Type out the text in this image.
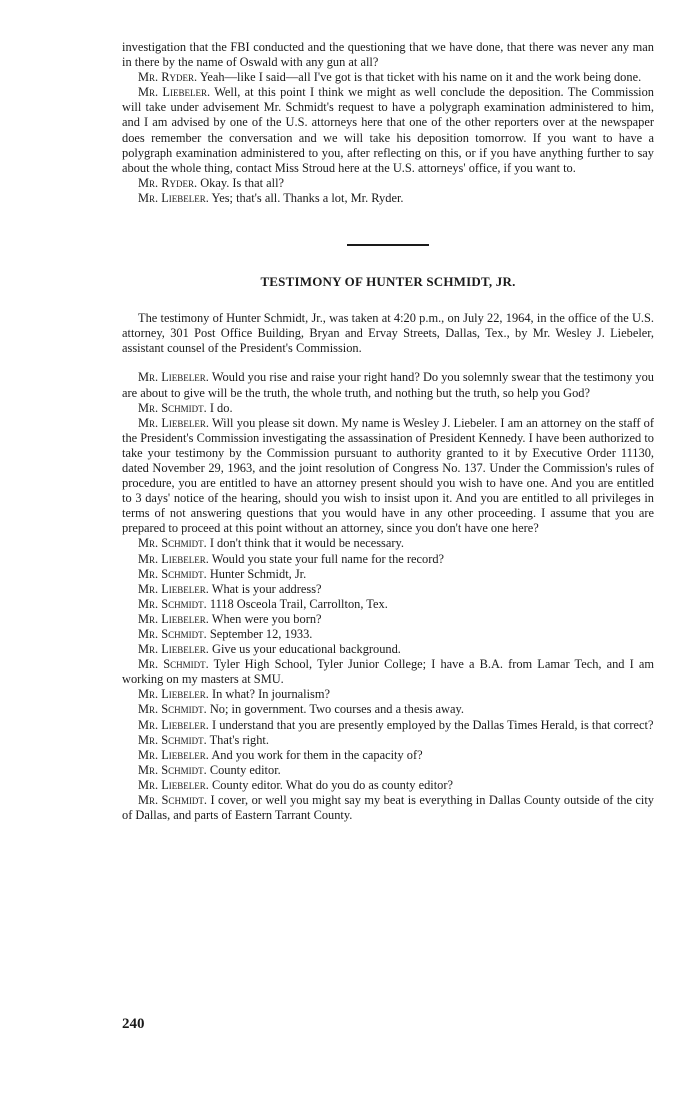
investigation that the FBI conducted and the questioning that we have done, that there was never any man in there by the name of Oswald with any gun at all?

Mr. Ryder. Yeah—like I said—all I've got is that ticket with his name on it and the work being done.

Mr. Liebeler. Well, at this point I think we might as well conclude the deposition. The Commission will take under advisement Mr. Schmidt's request to have a polygraph examination administered to him, and I am advised by one of the U.S. attorneys here that one of the other reporters over at the newspaper does remember the conversation and we will take his deposition tomorrow. If you want to have a polygraph examination administered to you, after reflecting on this, or if you have anything further to say about the whole thing, contact Miss Stroud here at the U.S. attorneys' office, if you want to.

Mr. Ryder. Okay. Is that all?

Mr. Liebeler. Yes; that's all. Thanks a lot, Mr. Ryder.

TESTIMONY OF HUNTER SCHMIDT, JR.

The testimony of Hunter Schmidt, Jr., was taken at 4:20 p.m., on July 22, 1964, in the office of the U.S. attorney, 301 Post Office Building, Bryan and Ervay Streets, Dallas, Tex., by Mr. Wesley J. Liebeler, assistant counsel of the President's Commission.

Mr. Liebeler. Would you rise and raise your right hand? Do you solemnly swear that the testimony you are about to give will be the truth, the whole truth, and nothing but the truth, so help you God?

Mr. Schmidt. I do.

Mr. Liebeler. Will you please sit down. My name is Wesley J. Liebeler. I am an attorney on the staff of the President's Commission investigating the assassination of President Kennedy. I have been authorized to take your testimony by the Commission pursuant to authority granted to it by Executive Order 11130, dated November 29, 1963, and the joint resolution of Congress No. 137. Under the Commission's rules of procedure, you are entitled to have an attorney present should you wish to have one. And you are entitled to 3 days' notice of the hearing, should you wish to insist upon it. And you are entitled to all privileges in terms of not answering questions that you would have in any other proceeding. I assume that you are prepared to proceed at this point without an attorney, since you don't have one here?

Mr. Schmidt. I don't think that it would be necessary.

Mr. Liebeler. Would you state your full name for the record?

Mr. Schmidt. Hunter Schmidt, Jr.

Mr. Liebeler. What is your address?

Mr. Schmidt. 1118 Osceola Trail, Carrollton, Tex.

Mr. Liebeler. When were you born?

Mr. Schmidt. September 12, 1933.

Mr. Liebeler. Give us your educational background.

Mr. Schmidt. Tyler High School, Tyler Junior College; I have a B.A. from Lamar Tech, and I am working on my masters at SMU.

Mr. Liebeler. In what? In journalism?

Mr. Schmidt. No; in government. Two courses and a thesis away.

Mr. Liebeler. I understand that you are presently employed by the Dallas Times Herald, is that correct?

Mr. Schmidt. That's right.

Mr. Liebeler. And you work for them in the capacity of?

Mr. Schmidt. County editor.

Mr. Liebeler. County editor. What do you do as county editor?

Mr. Schmidt. I cover, or well you might say my beat is everything in Dallas County outside of the city of Dallas, and parts of Eastern Tarrant County.

240
